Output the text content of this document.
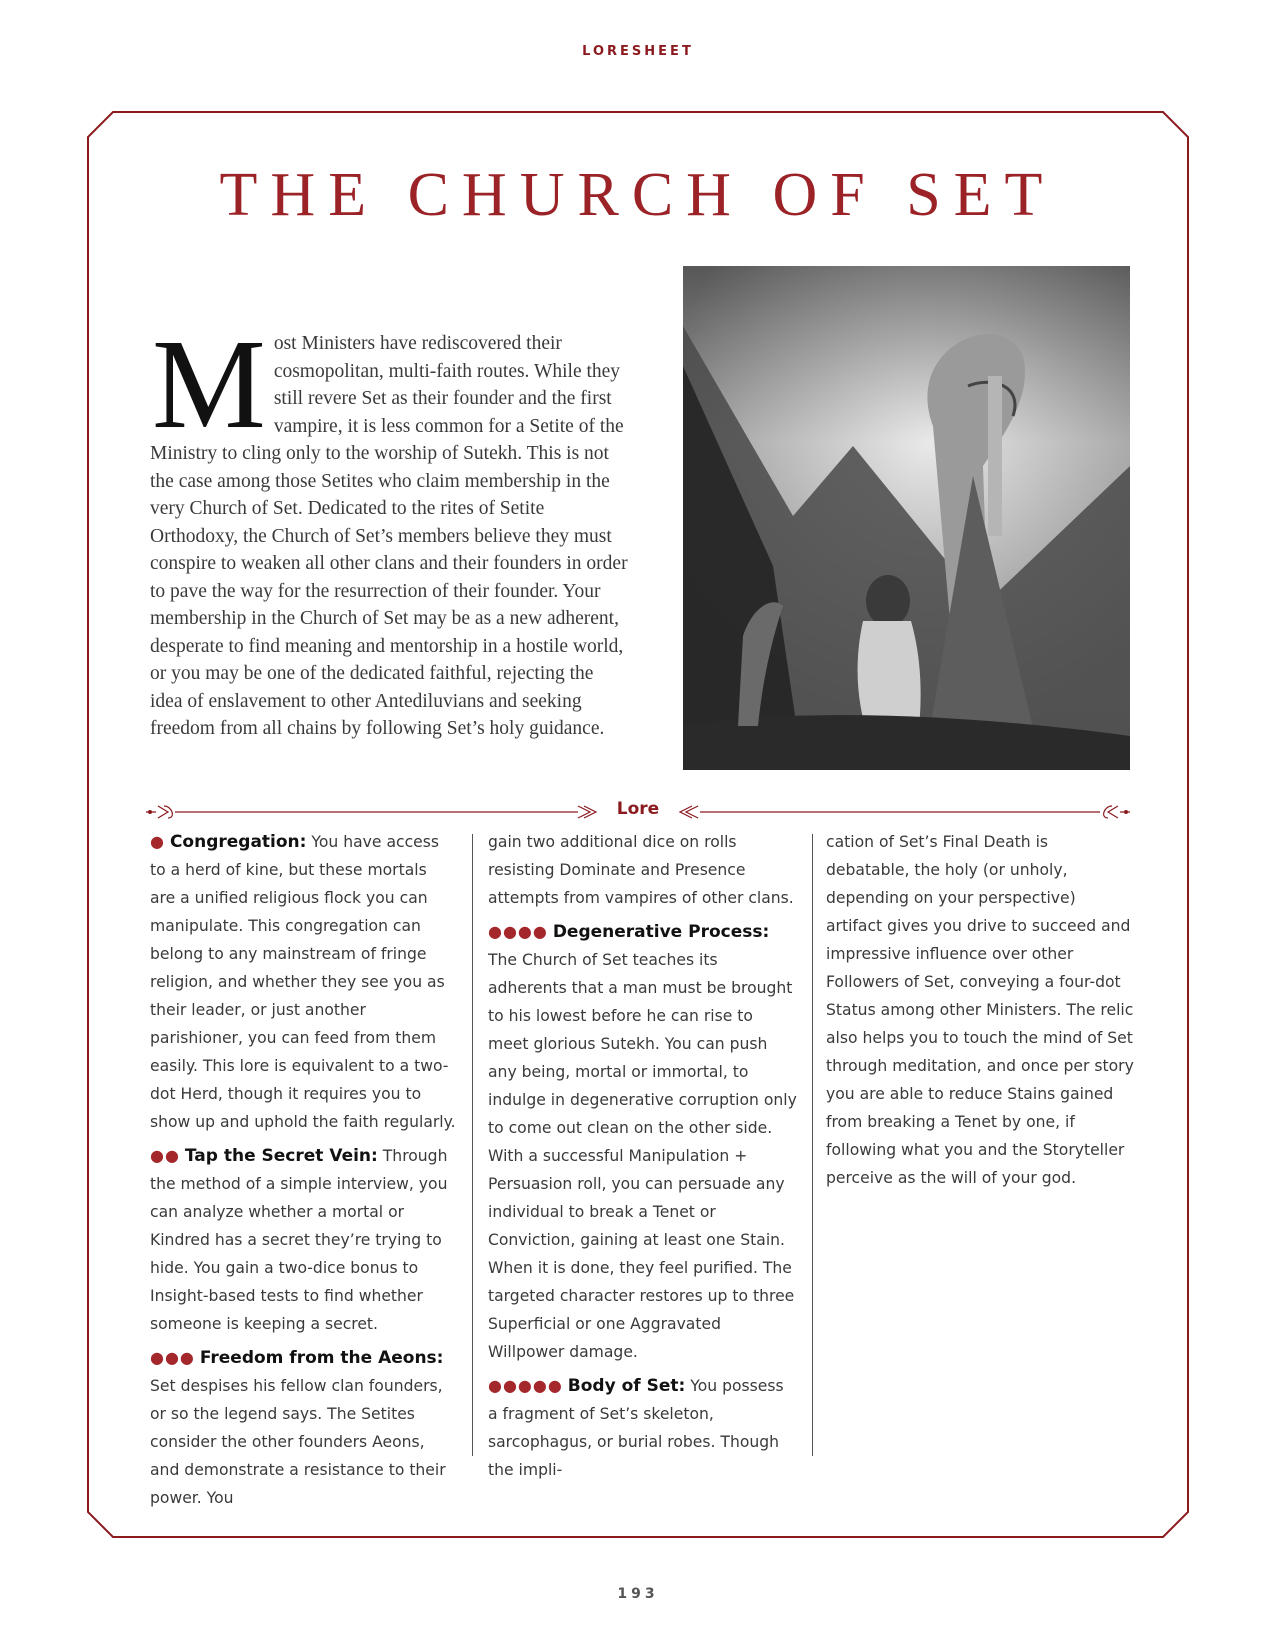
LORESHEET
THE CHURCH OF SET
Most Ministers have rediscovered their cosmopolitan, multi-faith routes. While they still revere Set as their founder and the first vampire, it is less common for a Setite of the Ministry to cling only to the worship of Sutekh. This is not the case among those Setites who claim membership in the very Church of Set. Dedicated to the rites of Setite Orthodoxy, the Church of Set’s members believe they must conspire to weaken all other clans and their founders in order to pave the way for the resurrection of their founder. Your membership in the Church of Set may be as a new adherent, desperate to find meaning and mentorship in a hostile world, or you may be one of the dedicated faithful, rejecting the idea of enslavement to other Antediluvians and seeking freedom from all chains by following Set’s holy guidance.
Lore

● Congregation: You have access to a herd of kine, but these mortals are a unified religious flock you can manipulate. This congregation can belong to any mainstream of fringe religion, and whether they see you as their leader, or just another parishioner, you can feed from them easily. This lore is equivalent to a two-dot Herd, though it requires you to show up and uphold the faith regularly.

●● Tap the Secret Vein: Through the method of a simple interview, you can analyze whether a mortal or Kindred has a secret they’re trying to hide. You gain a two-dice bonus to Insight-based tests to find whether someone is keeping a secret.

●●● Freedom from the Aeons: Set despises his fellow clan founders, or so the legend says. The Setites consider the other founders Aeons, and demonstrate a resistance to their power. You

gain two additional dice on rolls resisting Dominate and Presence attempts from vampires of other clans.

●●●● Degenerative Process: The Church of Set teaches its adherents that a man must be brought to his lowest before he can rise to meet glorious Sutekh. You can push any being, mortal or immortal, to indulge in degenerative corruption only to come out clean on the other side. With a successful Manipulation + Persuasion roll, you can persuade any individual to break a Tenet or Conviction, gaining at least one Stain. When it is done, they feel purified. The targeted character restores up to three Superficial or one Aggravated Willpower damage.

●●●●● Body of Set: You possess a fragment of Set’s skeleton, sarcophagus, or burial robes. Though the impli-

cation of Set’s Final Death is debatable, the holy (or unholy, depending on your perspective) artifact gives you drive to succeed and impressive influence over other Followers of Set, conveying a four-dot Status among other Ministers. The relic also helps you to touch the mind of Set through meditation, and once per story you are able to reduce Stains gained from breaking a Tenet by one, if following what you and the Storyteller perceive as the will of your god.

193
